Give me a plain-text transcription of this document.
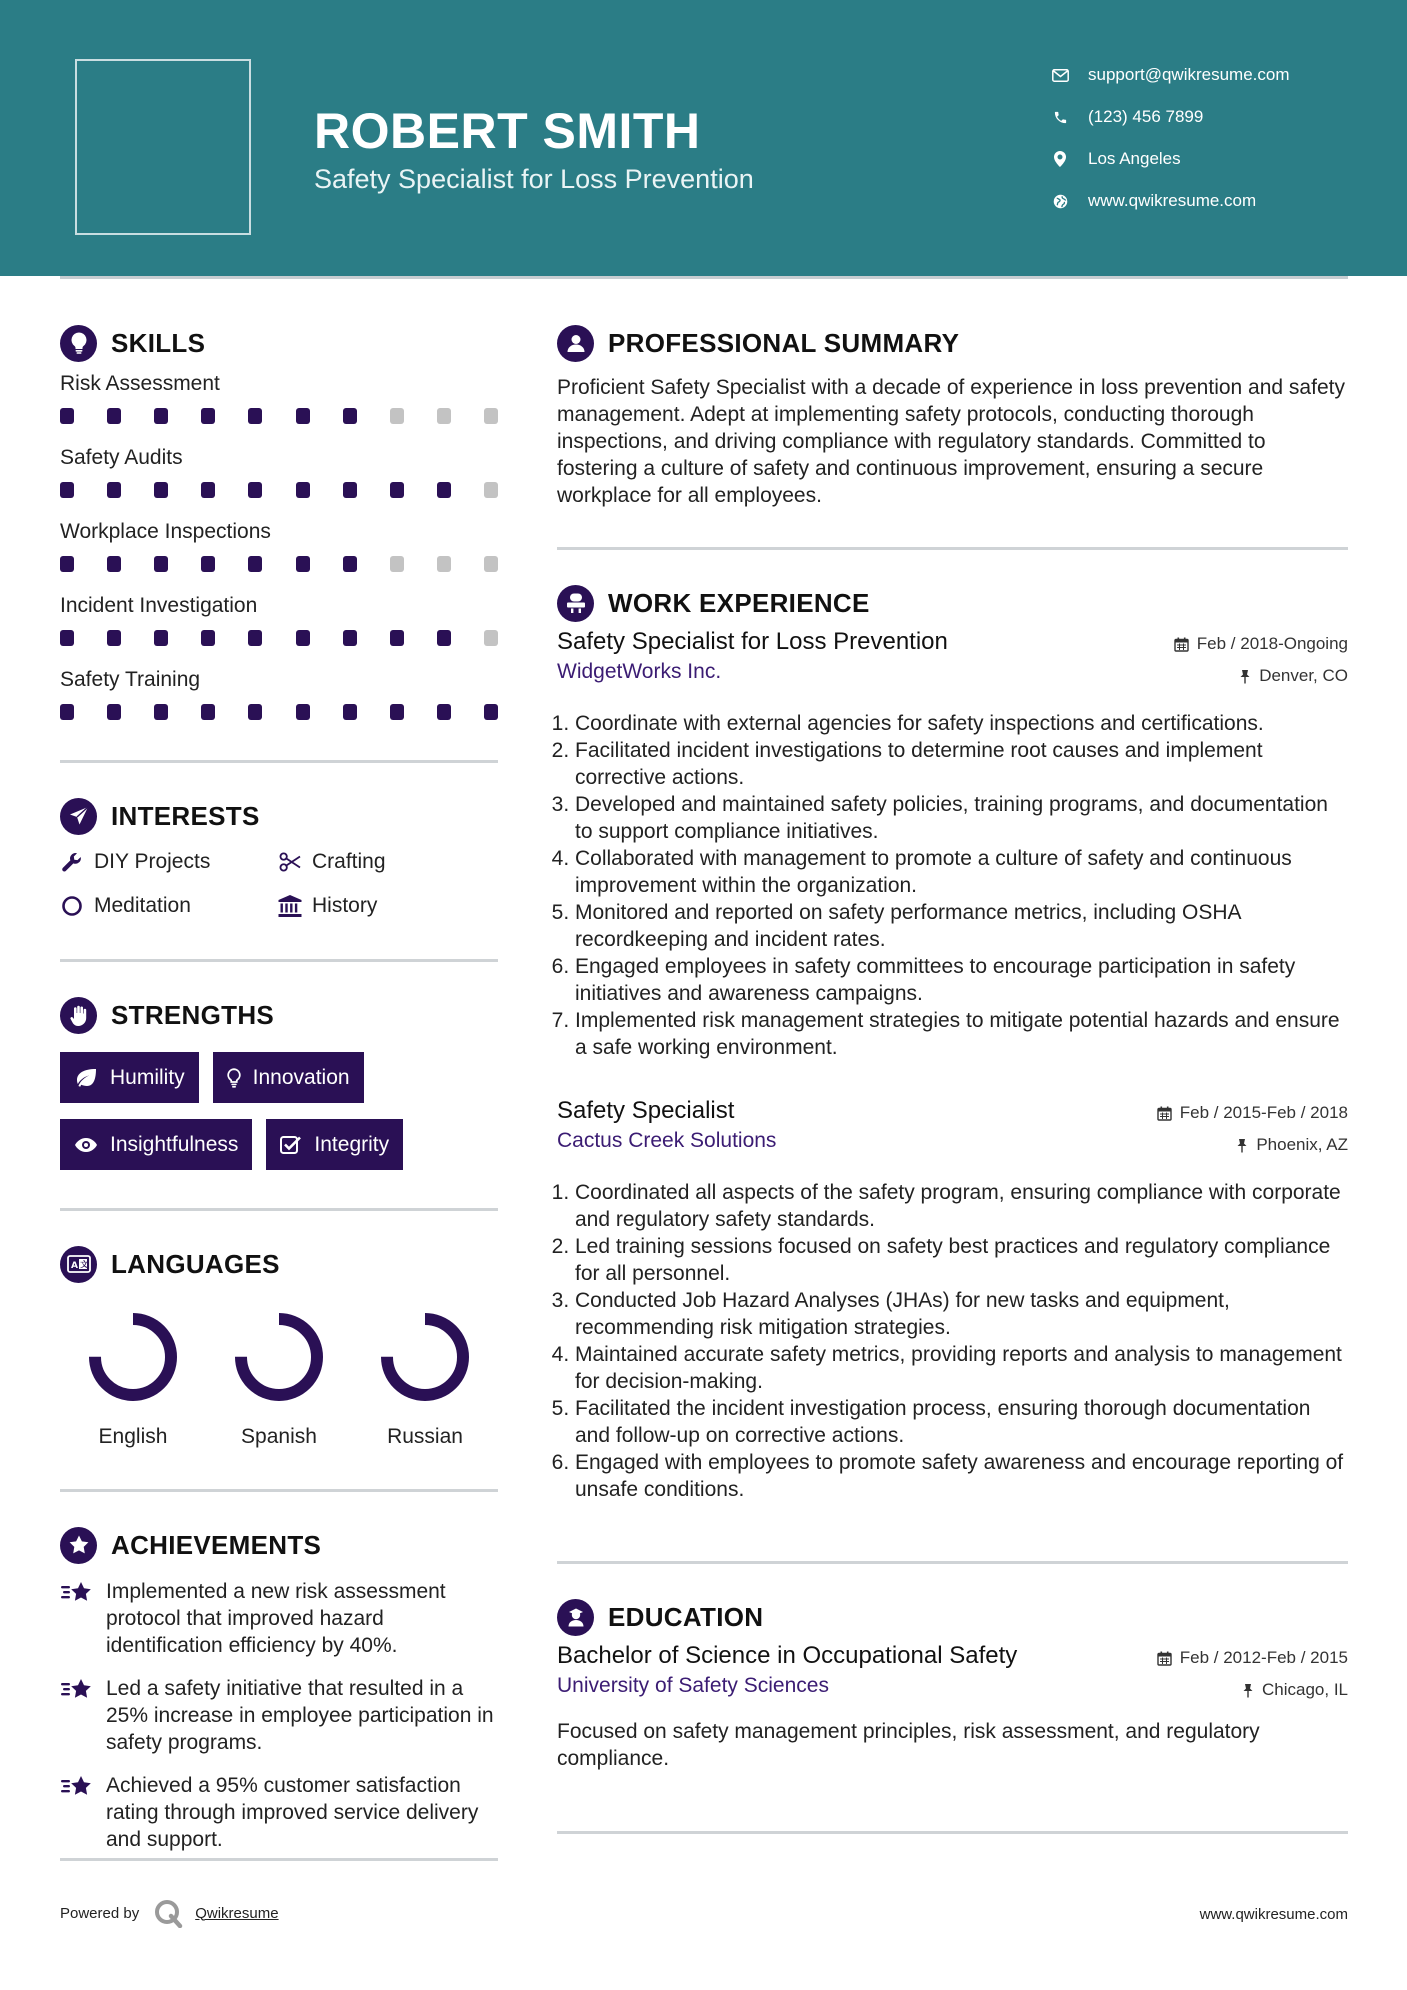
ROBERT SMITH

Safety Specialist for Loss Prevention

support@qwikresume.com
(123) 456 7899
Los Angeles
www.qwikresume.com
SKILLS
Risk Assessment
Safety Audits
Workplace Inspections
Incident Investigation
Safety Training
INTERESTS
DIY Projects	Crafting
Meditation	History
STRENGTHS
Humility	Innovation
Insightfulness	Integrity
A 文 LANGUAGES
English	Spanish	Russian
ACHIEVEMENTS
Implemented a new risk assessment protocol that improved hazard identification efficiency by 40%.
Led a safety initiative that resulted in a 25% increase in employee participation in safety programs.
Achieved a 95% customer satisfaction rating through improved service delivery and support.
PROFESSIONAL SUMMARY

Proficient Safety Specialist with a decade of experience in loss prevention and safety management. Adept at implementing safety protocols, conducting thorough inspections, and driving compliance with regulatory standards. Committed to fostering a culture of safety and continuous improvement, ensuring a secure workplace for all employees.

WORK EXPERIENCE

Safety Specialist for Loss Prevention

WidgetWorks Inc.

Feb / 2018-Ongoing
Denver, CO
1. Coordinate with external agencies for safety inspections and certifications.
2. Facilitated incident investigations to determine root causes and implement corrective actions.
3. Developed and maintained safety policies, training programs, and documentation to support compliance initiatives.
4. Collaborated with management to promote a culture of safety and continuous improvement within the organization.
5. Monitored and reported on safety performance metrics, including OSHA recordkeeping and incident rates.
6. Engaged employees in safety committees to encourage participation in safety initiatives and awareness campaigns.
7. Implemented risk management strategies to mitigate potential hazards and ensure a safe working environment.

Safety Specialist

Cactus Creek Solutions

Feb / 2015-Feb / 2018
Phoenix, AZ
1. Coordinated all aspects of the safety program, ensuring compliance with corporate and regulatory safety standards.
2. Led training sessions focused on safety best practices and regulatory compliance for all personnel.
3. Conducted Job Hazard Analyses (JHAs) for new tasks and equipment, recommending risk mitigation strategies.
4. Maintained accurate safety metrics, providing reports and analysis to management for decision-making.
5. Facilitated the incident investigation process, ensuring thorough documentation and follow-up on corrective actions.
6. Engaged with employees to promote safety awareness and encourage reporting of unsafe conditions.
EDUCATION

Bachelor of Science in Occupational Safety

University of Safety Sciences

Feb / 2012-Feb / 2015
Chicago, IL

Focused on safety management principles, risk assessment, and regulatory compliance.

Powered by	Qwikresume	www.qwikresume.com
